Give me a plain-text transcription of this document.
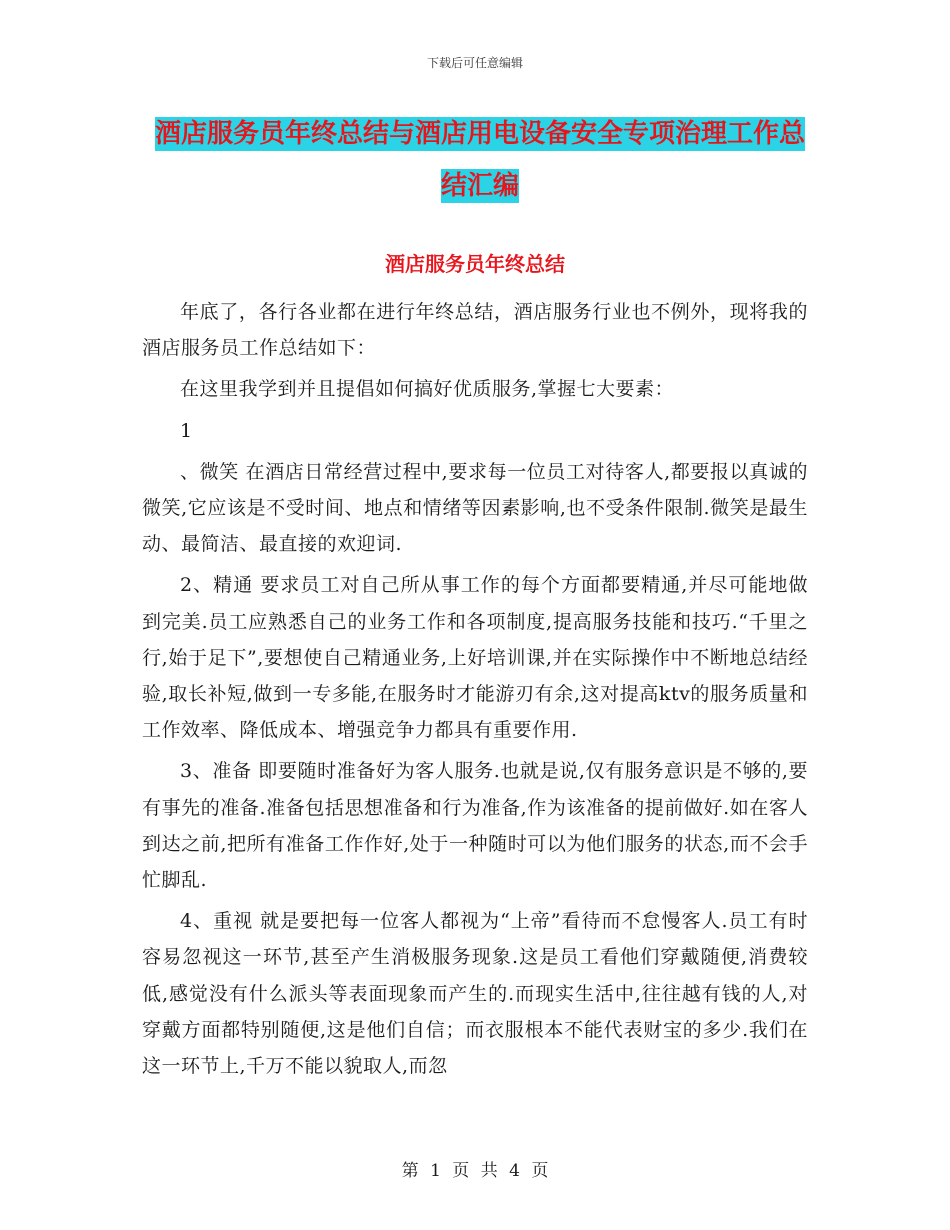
下载后可任意编辑
酒店服务员年终总结与酒店用电设备安全专项治理工作总结汇编
酒店服务员年终总结

年底了，各行各业都在进行年终总结，酒店服务行业也不例外，现将我的酒店服务员工作总结如下：

在这里我学到并且提倡如何搞好优质服务,掌握七大要素：

1

、微笑 在酒店日常经营过程中,要求每一位员工对待客人,都要报以真诚的微笑,它应该是不受时间、地点和情绪等因素影响,也不受条件限制.微笑是最生动、最简洁、最直接的欢迎词.

2、精通 要求员工对自己所从事工作的每个方面都要精通,并尽可能地做到完美.员工应熟悉自己的业务工作和各项制度,提高服务技能和技巧.“千里之行,始于足下”,要想使自己精通业务,上好培训课,并在实际操作中不断地总结经验,取长补短,做到一专多能,在服务时才能游刃有余,这对提高ktv的服务质量和工作效率、降低成本、增强竞争力都具有重要作用.

3、准备 即要随时准备好为客人服务.也就是说,仅有服务意识是不够的,要有事先的准备.准备包括思想准备和行为准备,作为该准备的提前做好.如在客人到达之前,把所有准备工作作好,处于一种随时可以为他们服务的状态,而不会手忙脚乱.

4、重视 就是要把每一位客人都视为“上帝”看待而不怠慢客人.员工有时容易忽视这一环节,甚至产生消极服务现象.这是员工看他们穿戴随便,消费较低,感觉没有什么派头等表面现象而产生的.而现实生活中,往往越有钱的人,对穿戴方面都特别随便,这是他们自信；而衣服根本不能代表财宝的多少.我们在这一环节上,千万不能以貌取人,而忽

第 1 页 共 4 页
